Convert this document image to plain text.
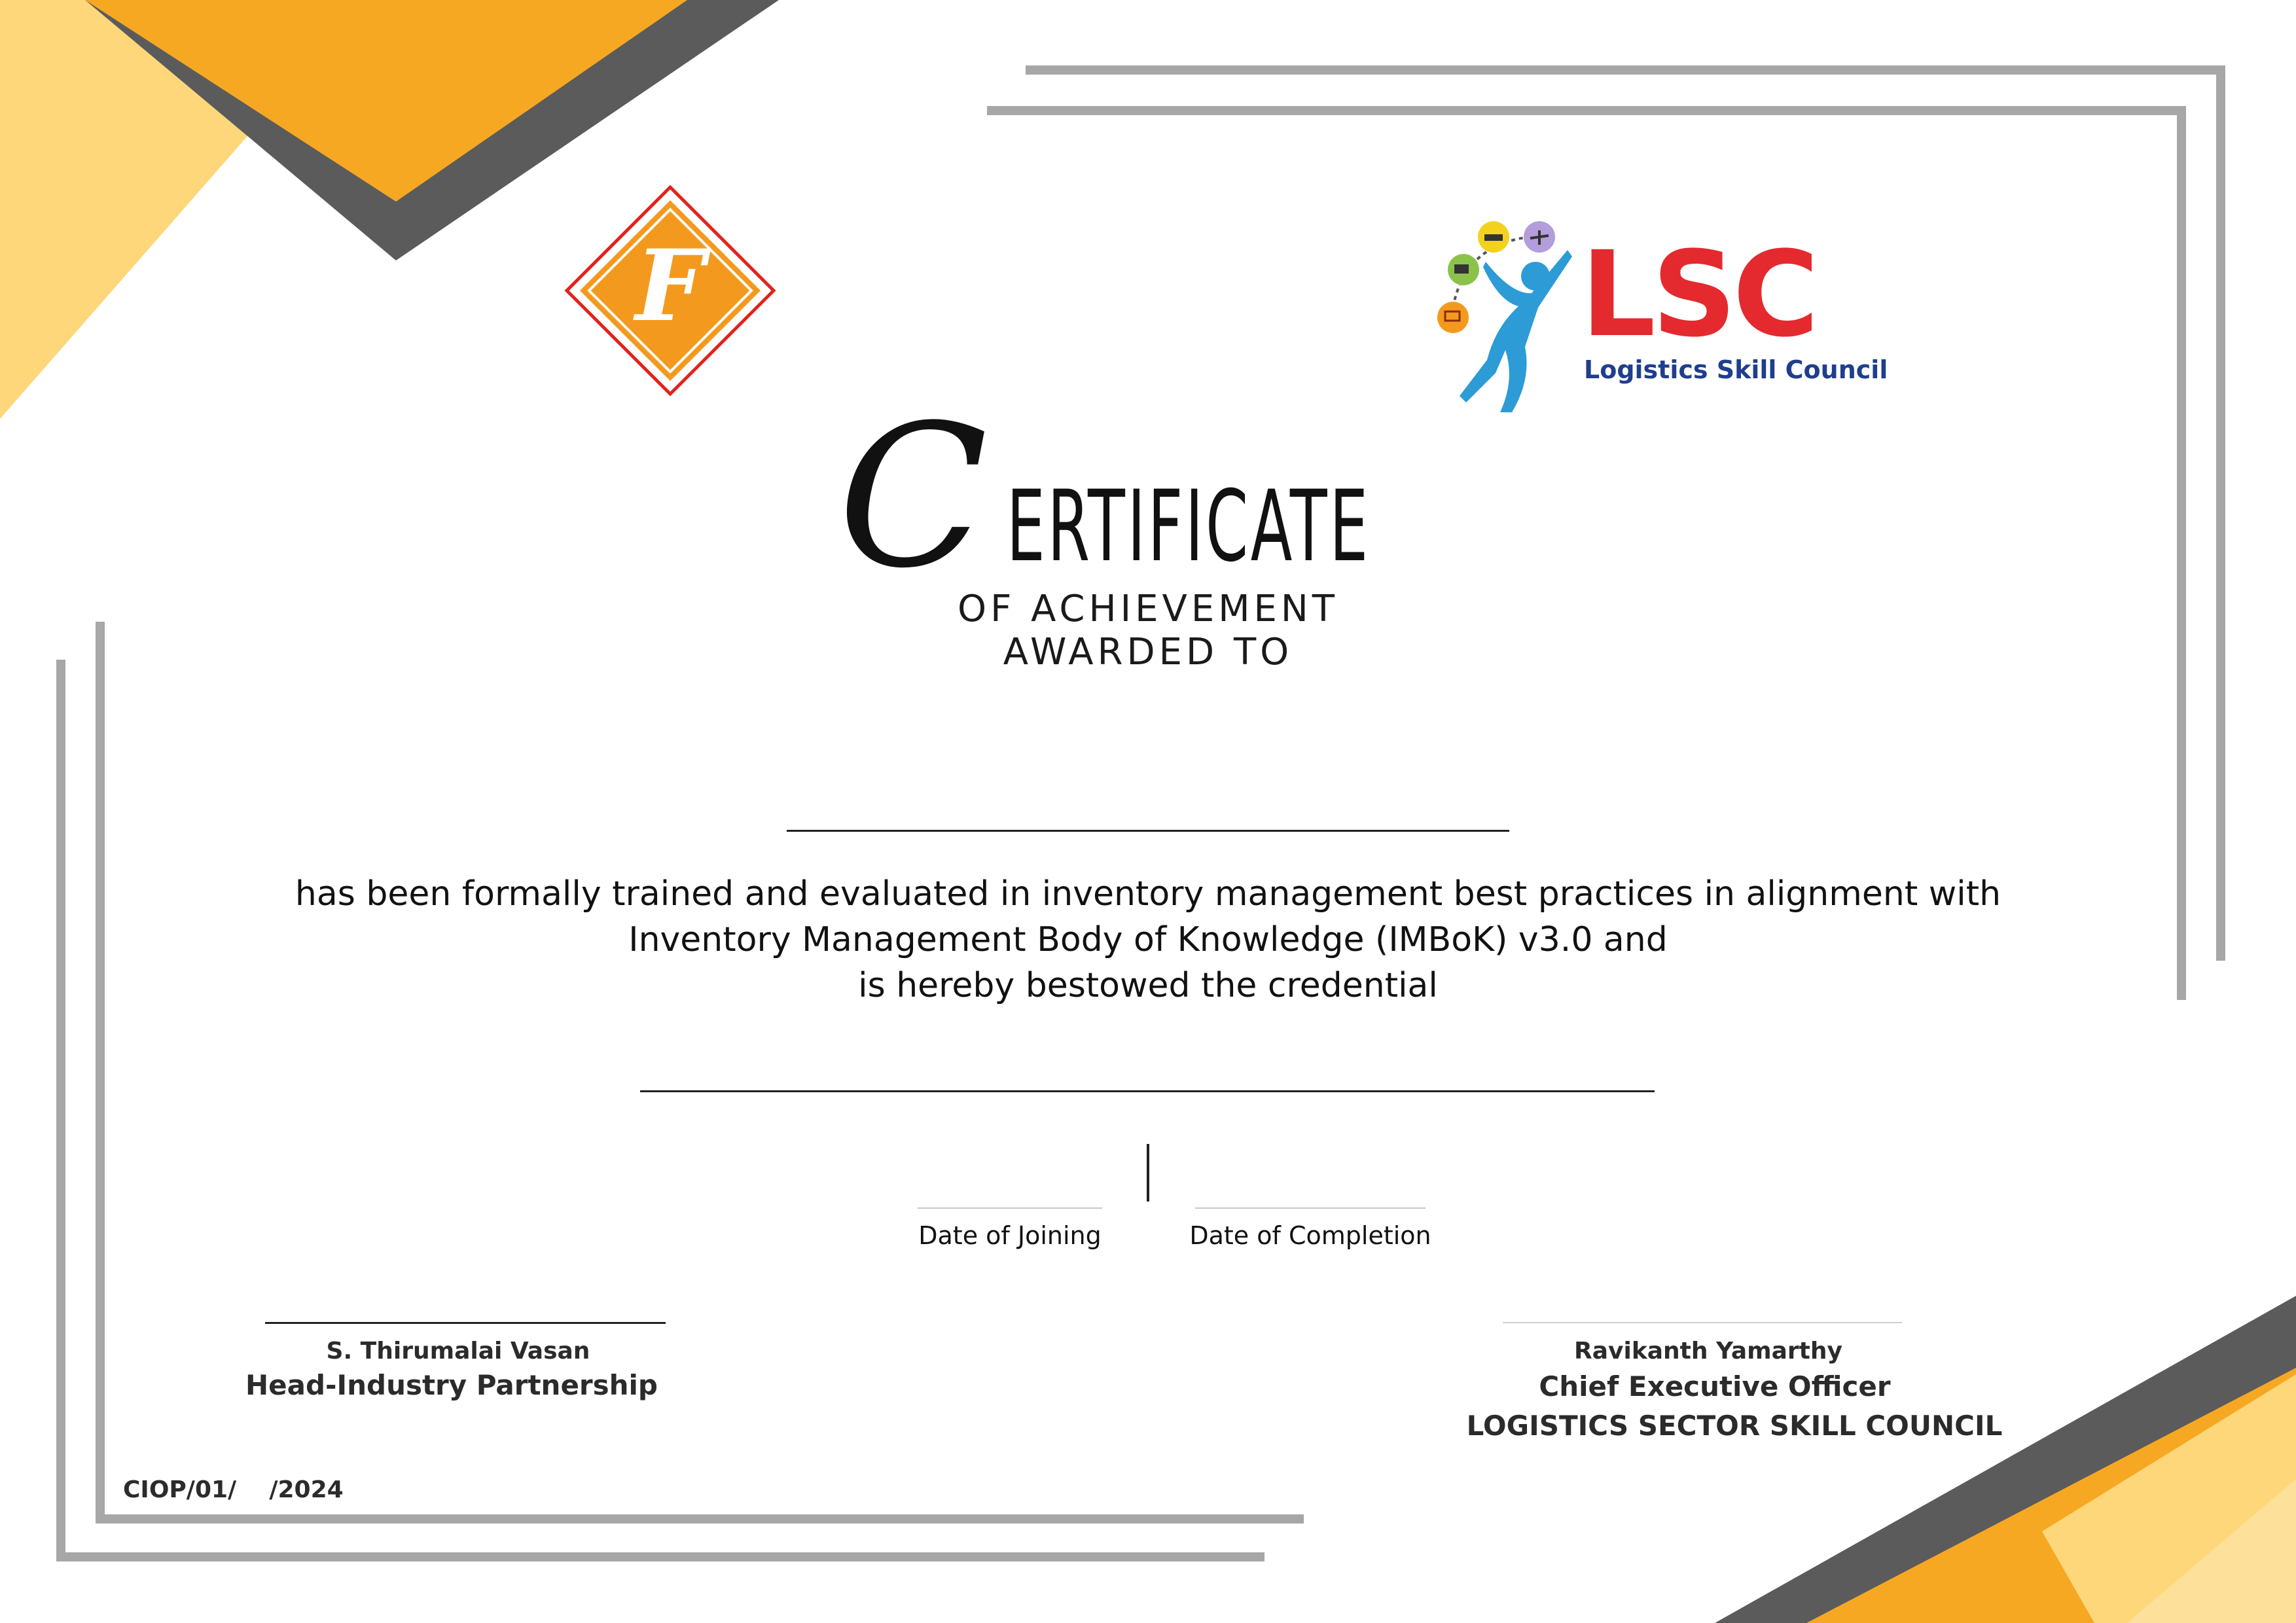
F	LSC
Logistics Skill Council
C ERTIFICATE
OF ACHIEVEMENT
AWARDED TO
has been formally trained and evaluated in inventory management best practices in alignment with
Inventory Management Body of Knowledge (IMBoK) v3.0 and
is hereby bestowed the credential
Date of Joining	Date of Completion
S. Thirumalai Vasan
Head-Industry Partnership
Ravikanth Yamarthy
Chief Executive Officer
LOGISTICS SECTOR SKILL COUNCIL
CIOP/01/    /2024
